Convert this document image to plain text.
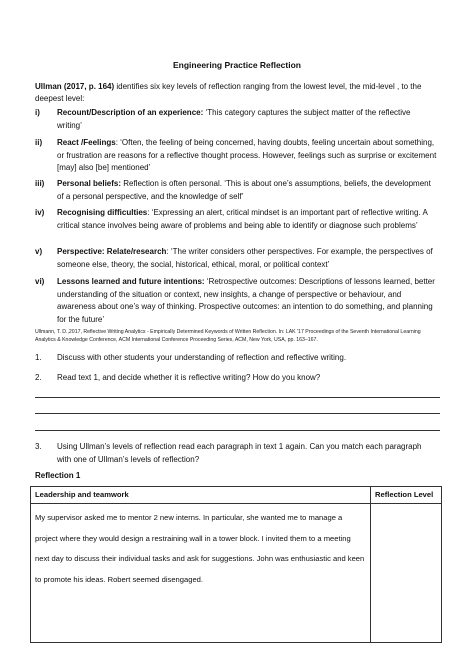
Engineering Practice Reflection
Ullman (2017, p. 164) identifies six key levels of reflection ranging from the lowest level, the mid-level , to the deepest level:
i) Recount/Description of an experience: ‘This category captures the subject matter of the reflective writing’
ii) React /Feelings: ‘Often, the feeling of being concerned, having doubts, feeling uncertain about something, or frustration are reasons for a reflective thought process. However, feelings such as surprise or excitement [may] also [be] mentioned’
iii) Personal beliefs: Reflection is often personal. ‘This is about one’s assumptions, beliefs, the development of a personal perspective, and the knowledge of self’
iv) Recognising difficulties: ‘Expressing an alert, critical mindset is an important part of reflective writing. A critical stance involves being aware of problems and being able to identify or diagnose such problems’
v) Perspective: Relate/research: ‘The writer considers other perspectives. For example, the perspectives of someone else, theory, the social, historical, ethical, moral, or political context’
vi) Lessons learned and future intentions: ‘Retrospective outcomes: Descriptions of lessons learned, better understanding of the situation or context, new insights, a change of perspective or behaviour, and awareness about one’s way of thinking. Prospective outcomes: an intention to do something, and planning for the future’
Ullmann, T. D.,2017, Reflective Writing Analytics - Empirically Determined Keywords of Written Reflection. In: LAK '17 Proceedings of the Seventh International Learning Analytics & Knowledge Conference, ACM International Conference Proceeding Series, ACM, New York, USA, pp. 163–167.
1. Discuss with other students your understanding of reflection and reflective writing.
2. Read text 1, and decide whether it is reflective writing? How do you know?
3. Using Ullman’s levels of reflection read each paragraph in text 1 again. Can you match each paragraph with one of Ullman’s levels of reflection?
Reflection 1
Leadership and teamwork	Reflection Level
My supervisor asked me to mentor 2 new interns. In particular, she wanted me to manage a project where they would design a restraining wall in a tower block. I invited them to a meeting next day to discuss their individual tasks and ask for suggestions. John was enthusiastic and keen to promote his ideas. Robert seemed disengaged.	
